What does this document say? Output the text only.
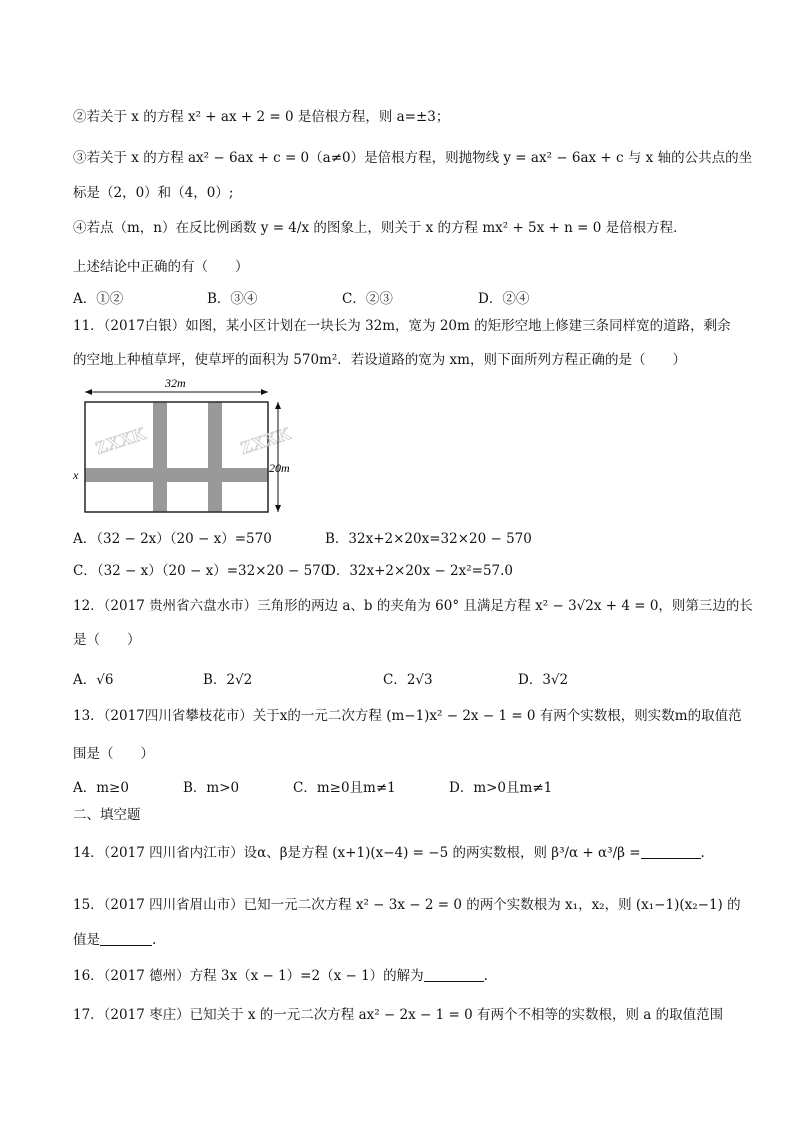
②若关于 x 的方程 x² + ax + 2 = 0 是倍根方程，则 a=±3；
③若关于 x 的方程 ax² − 6ax + c = 0（a≠0）是倍根方程，则抛物线 y = ax² − 6ax + c 与 x 轴的公共点的坐
标是（2，0）和（4，0）;
④若点（m，n）在反比例函数 y = 4/x 的图象上，则关于 x 的方程 mx² + 5x + n = 0 是倍根方程．
上述结论中正确的有（　　）
A．①②	B．③④	C．②③	D．②④
11．（2017白银）如图，某小区计划在一块长为 32m，宽为 20m 的矩形空地上修建三条同样宽的道路，剩余
的空地上种植草坪，使草坪的面积为 570m²．若设道路的宽为 xm，则下面所列方程正确的是（　　）
32m
ZXXK	ZXXK
20m
x
A．（32 − 2x）（20 − x）=570	B．32x+2×20x=32×20 − 570
C．（32 − x）（20 − x）=32×20 − 570
D．32x+2×20x − 2x²=57.0
12．（2017 贵州省六盘水市）三角形的两边 a、b 的夹角为 60° 且满足方程 x² − 3√2x + 4 = 0，则第三边的长
是（　　）
A．√6	B．2√2	C．2√3	D．3√2
13．（2017四川省攀枝花市）关于x的一元二次方程 (m−1)x² − 2x − 1 = 0 有两个实数根，则实数m的取值范
围是（　　）
A．m≥0	B．m>0	C．m≥0且m≠1	D．m>0且m≠1
二、填空题
14．（2017 四川省内江市）设α、β是方程 (x+1)(x−4) = −5 的两实数根，则 β³/α + α³/β =	.
15．（2017 四川省眉山市）已知一元二次方程 x² − 3x − 2 = 0 的两个实数根为 x₁，x₂，则 (x₁−1)(x₂−1) 的
值是	.
16．（2017 德州）方程 3x（x − 1）=2（x − 1）的解为	.
17．（2017 枣庄）已知关于 x 的一元二次方程 ax² − 2x − 1 = 0 有两个不相等的实数根，则 a 的取值范围
